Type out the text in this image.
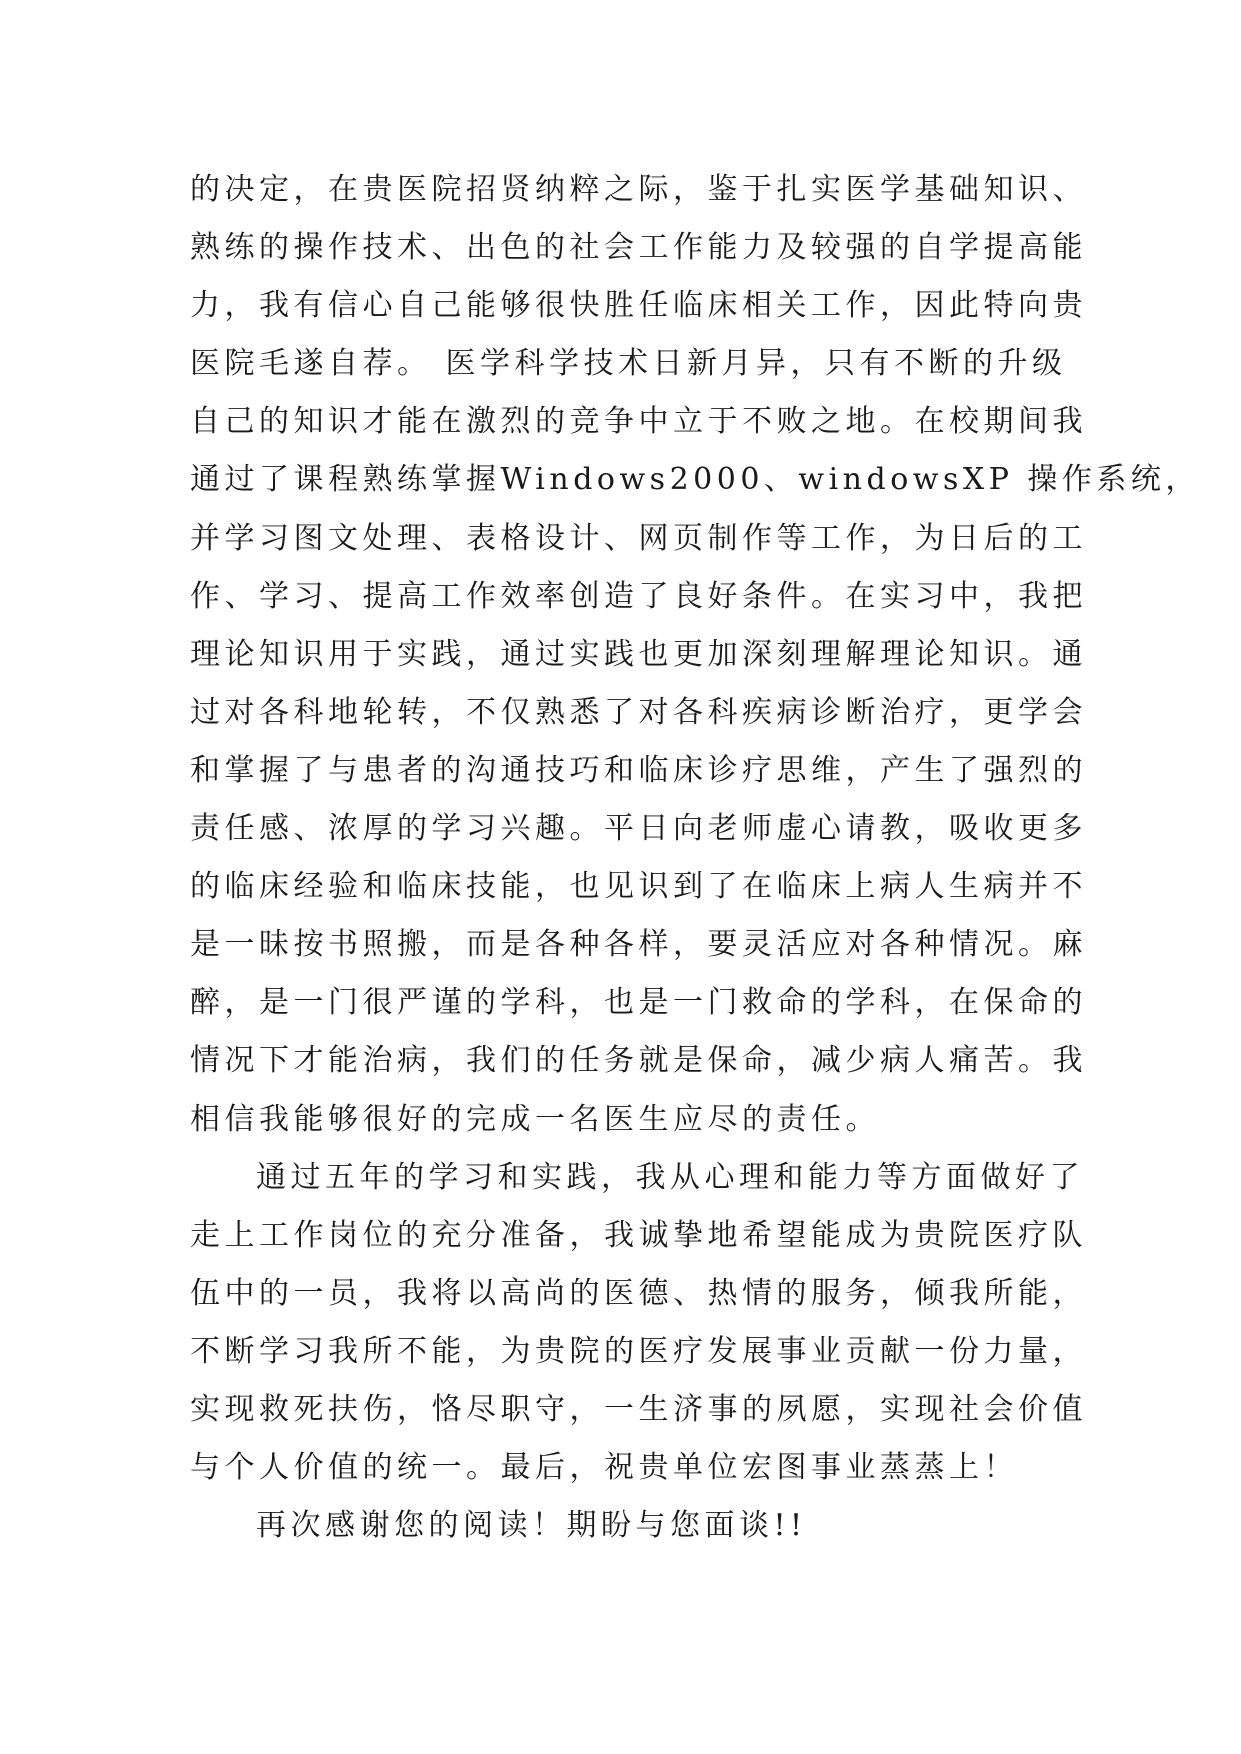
的决定，在贵医院招贤纳粹之际，鉴于扎实医学基础知识、
熟练的操作技术、出色的社会工作能力及较强的自学提高能
力，我有信心自己能够很快胜任临床相关工作，因此特向贵
医院毛遂自荐。 医学科学技术日新月异，只有不断的升级
自己的知识才能在激烈的竞争中立于不败之地。在校期间我
通过了课程熟练掌握Windows2000、windowsXP 操作系统，
并学习图文处理、表格设计、网页制作等工作，为日后的工
作、学习、提高工作效率创造了良好条件。在实习中，我把
理论知识用于实践，通过实践也更加深刻理解理论知识。通
过对各科地轮转，不仅熟悉了对各科疾病诊断治疗，更学会
和掌握了与患者的沟通技巧和临床诊疗思维，产生了强烈的
责任感、浓厚的学习兴趣。平日向老师虚心请教，吸收更多
的临床经验和临床技能，也见识到了在临床上病人生病并不
是一昧按书照搬，而是各种各样，要灵活应对各种情况。麻
醉，是一门很严谨的学科，也是一门救命的学科，在保命的
情况下才能治病，我们的任务就是保命，减少病人痛苦。我
相信我能够很好的完成一名医生应尽的责任。
通过五年的学习和实践，我从心理和能力等方面做好了
走上工作岗位的充分准备，我诚挚地希望能成为贵院医疗队
伍中的一员，我将以高尚的医德、热情的服务，倾我所能，
不断学习我所不能，为贵院的医疗发展事业贡献一份力量，
实现救死扶伤，恪尽职守，一生济事的夙愿，实现社会价值
与个人价值的统一。最后，祝贵单位宏图事业蒸蒸上！
再次感谢您的阅读！期盼与您面谈!!
